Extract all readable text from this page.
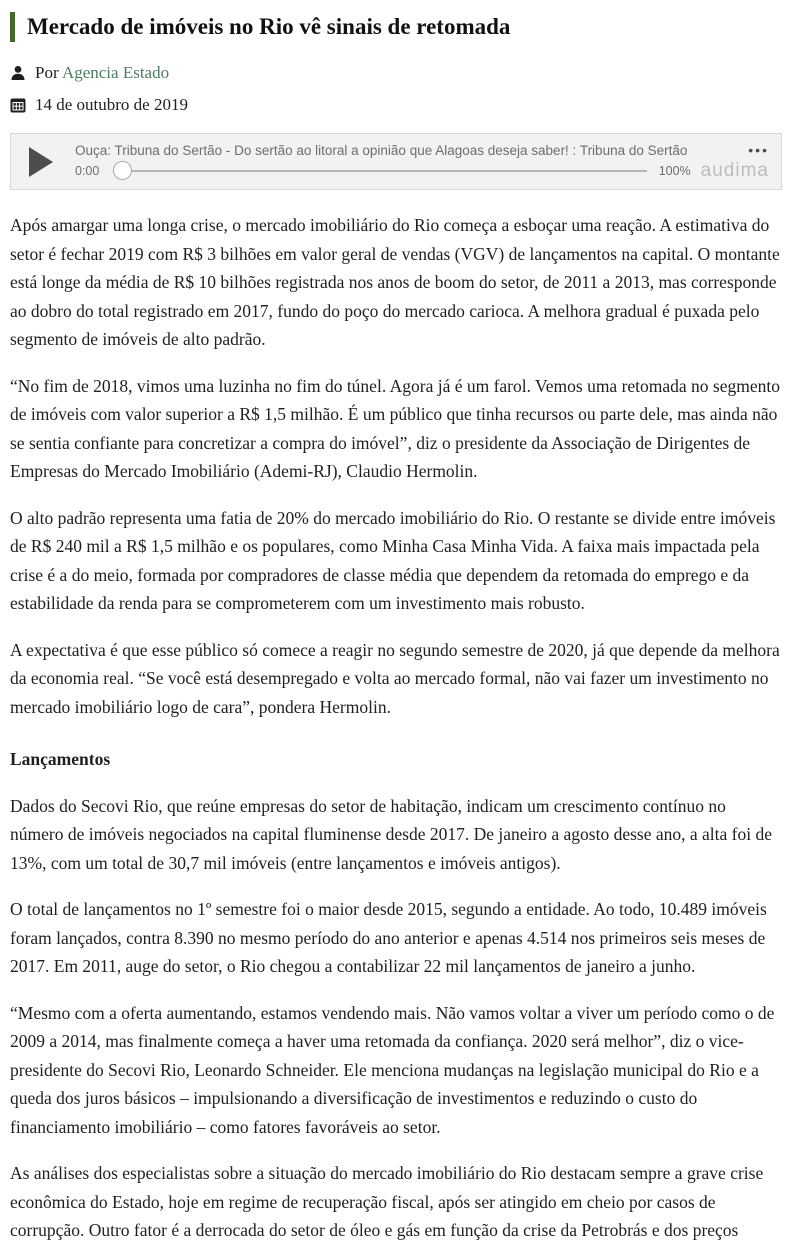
Mercado de imóveis no Rio vê sinais de retomada
Por Agencia Estado
14 de outubro de 2019
Ouça: Tribuna do Sertão - Do sertão ao litoral a opinião que Alagoas deseja saber! : Tribuna do Sertão	•••
0:00	100% audima

Após amargar uma longa crise, o mercado imobiliário do Rio começa a esboçar uma reação. A estimativa do setor é fechar 2019 com R$ 3 bilhões em valor geral de vendas (VGV) de lançamentos na capital. O montante está longe da média de R$ 10 bilhões registrada nos anos de boom do setor, de 2011 a 2013, mas corresponde ao dobro do total registrado em 2017, fundo do poço do mercado carioca. A melhora gradual é puxada pelo segmento de imóveis de alto padrão.

“No fim de 2018, vimos uma luzinha no fim do túnel. Agora já é um farol. Vemos uma retomada no segmento de imóveis com valor superior a R$ 1,5 milhão. É um público que tinha recursos ou parte dele, mas ainda não se sentia confiante para concretizar a compra do imóvel”, diz o presidente da Associação de Dirigentes de Empresas do Mercado Imobiliário (Ademi-RJ), Claudio Hermolin.

O alto padrão representa uma fatia de 20% do mercado imobiliário do Rio. O restante se divide entre imóveis de R$ 240 mil a R$ 1,5 milhão e os populares, como Minha Casa Minha Vida. A faixa mais impactada pela crise é a do meio, formada por compradores de classe média que dependem da retomada do emprego e da estabilidade da renda para se comprometerem com um investimento mais robusto.

A expectativa é que esse público só comece a reagir no segundo semestre de 2020, já que depende da melhora da economia real. “Se você está desempregado e volta ao mercado formal, não vai fazer um investimento no mercado imobiliário logo de cara”, pondera Hermolin.

Lançamentos

Dados do Secovi Rio, que reúne empresas do setor de habitação, indicam um crescimento contínuo no número de imóveis negociados na capital fluminense desde 2017. De janeiro a agosto desse ano, a alta foi de 13%, com um total de 30,7 mil imóveis (entre lançamentos e imóveis antigos).

O total de lançamentos no 1º semestre foi o maior desde 2015, segundo a entidade. Ao todo, 10.489 imóveis foram lançados, contra 8.390 no mesmo período do ano anterior e apenas 4.514 nos primeiros seis meses de 2017. Em 2011, auge do setor, o Rio chegou a contabilizar 22 mil lançamentos de janeiro a junho.

“Mesmo com a oferta aumentando, estamos vendendo mais. Não vamos voltar a viver um período como o de 2009 a 2014, mas finalmente começa a haver uma retomada da confiança. 2020 será melhor”, diz o vice-presidente do Secovi Rio, Leonardo Schneider. Ele menciona mudanças na legislação municipal do Rio e a queda dos juros básicos – impulsionando a diversificação de investimentos e reduzindo o custo do financiamento imobiliário – como fatores favoráveis ao setor.

As análises dos especialistas sobre a situação do mercado imobiliário do Rio destacam sempre a grave crise econômica do Estado, hoje em regime de recuperação fiscal, após ser atingido em cheio por casos de corrupção. Outro fator é a derrocada do setor de óleo e gás em função da crise da Petrobrás e dos preços
